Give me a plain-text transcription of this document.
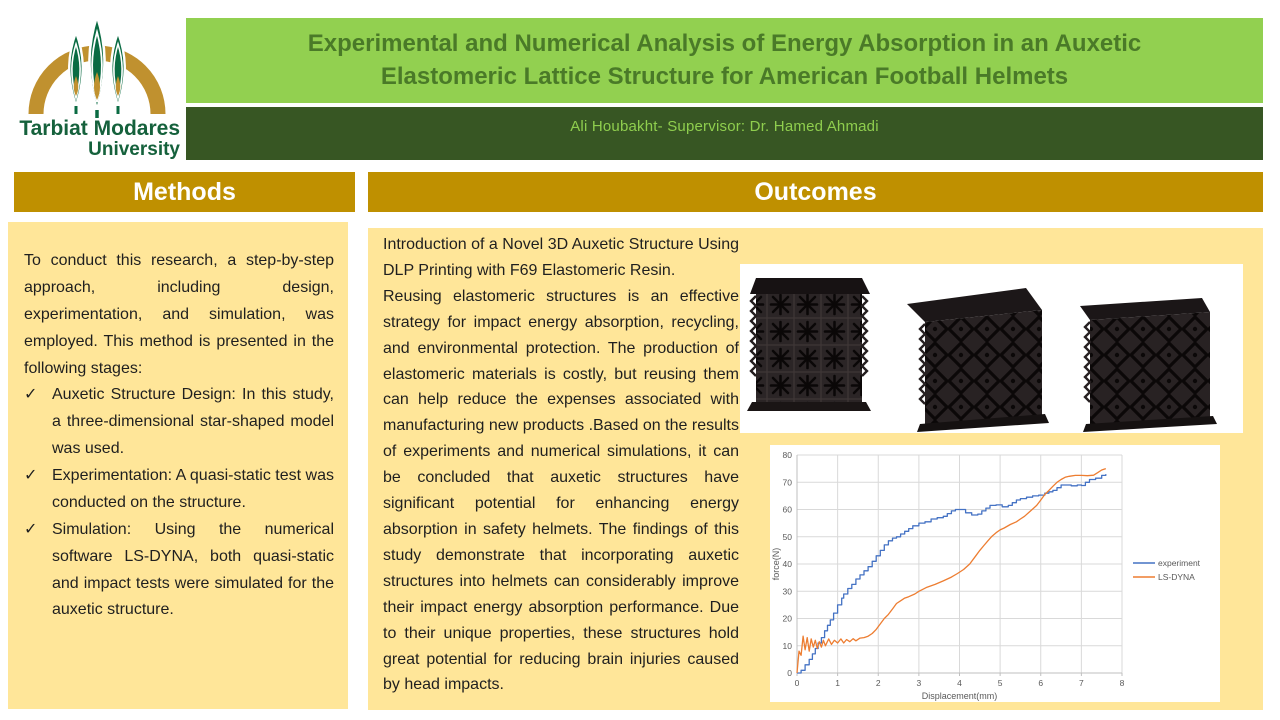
Tarbiat Modares
University
Experimental and Numerical Analysis of Energy Absorption in an Auxetic Elastomeric Lattice Structure for American Football Helmets
Ali Houbakht- Supervisor: Dr. Hamed Ahmadi
Methods	Outcomes
To conduct this research, a step-by-step approach, including design, experimentation, and simulation, was employed. This method is presented in the following stages:
✓ Auxetic Structure Design: In this study, a three-dimensional star-shaped model was used.
✓ Experimentation: A quasi-static test was conducted on the structure.
✓ Simulation: Using the numerical software LS-DYNA, both quasi-static and impact tests were simulated for the auxetic structure.

Introduction of a Novel 3D Auxetic Structure Using DLP Printing with F69 Elastomeric Resin.

Reusing elastomeric structures is an effective strategy for impact energy absorption, recycling, and environmental protection. The production of elastomeric materials is costly, but reusing them can help reduce the expenses associated with manufacturing new products .Based on the results of experiments and numerical simulations, it can be concluded that auxetic structures have significant potential for enhancing energy absorption in safety helmets. The findings of this study demonstrate that incorporating auxetic structures into helmets can considerably improve their impact energy absorption performance. Due to their unique properties, these structures hold great potential for reducing brain injuries caused by head impacts.

0
10
20
30
40
50
60
70
80
0	1	2	3	4	5	6	7	8
force(N)
Displacement(mm)
experiment
LS-DYNA
